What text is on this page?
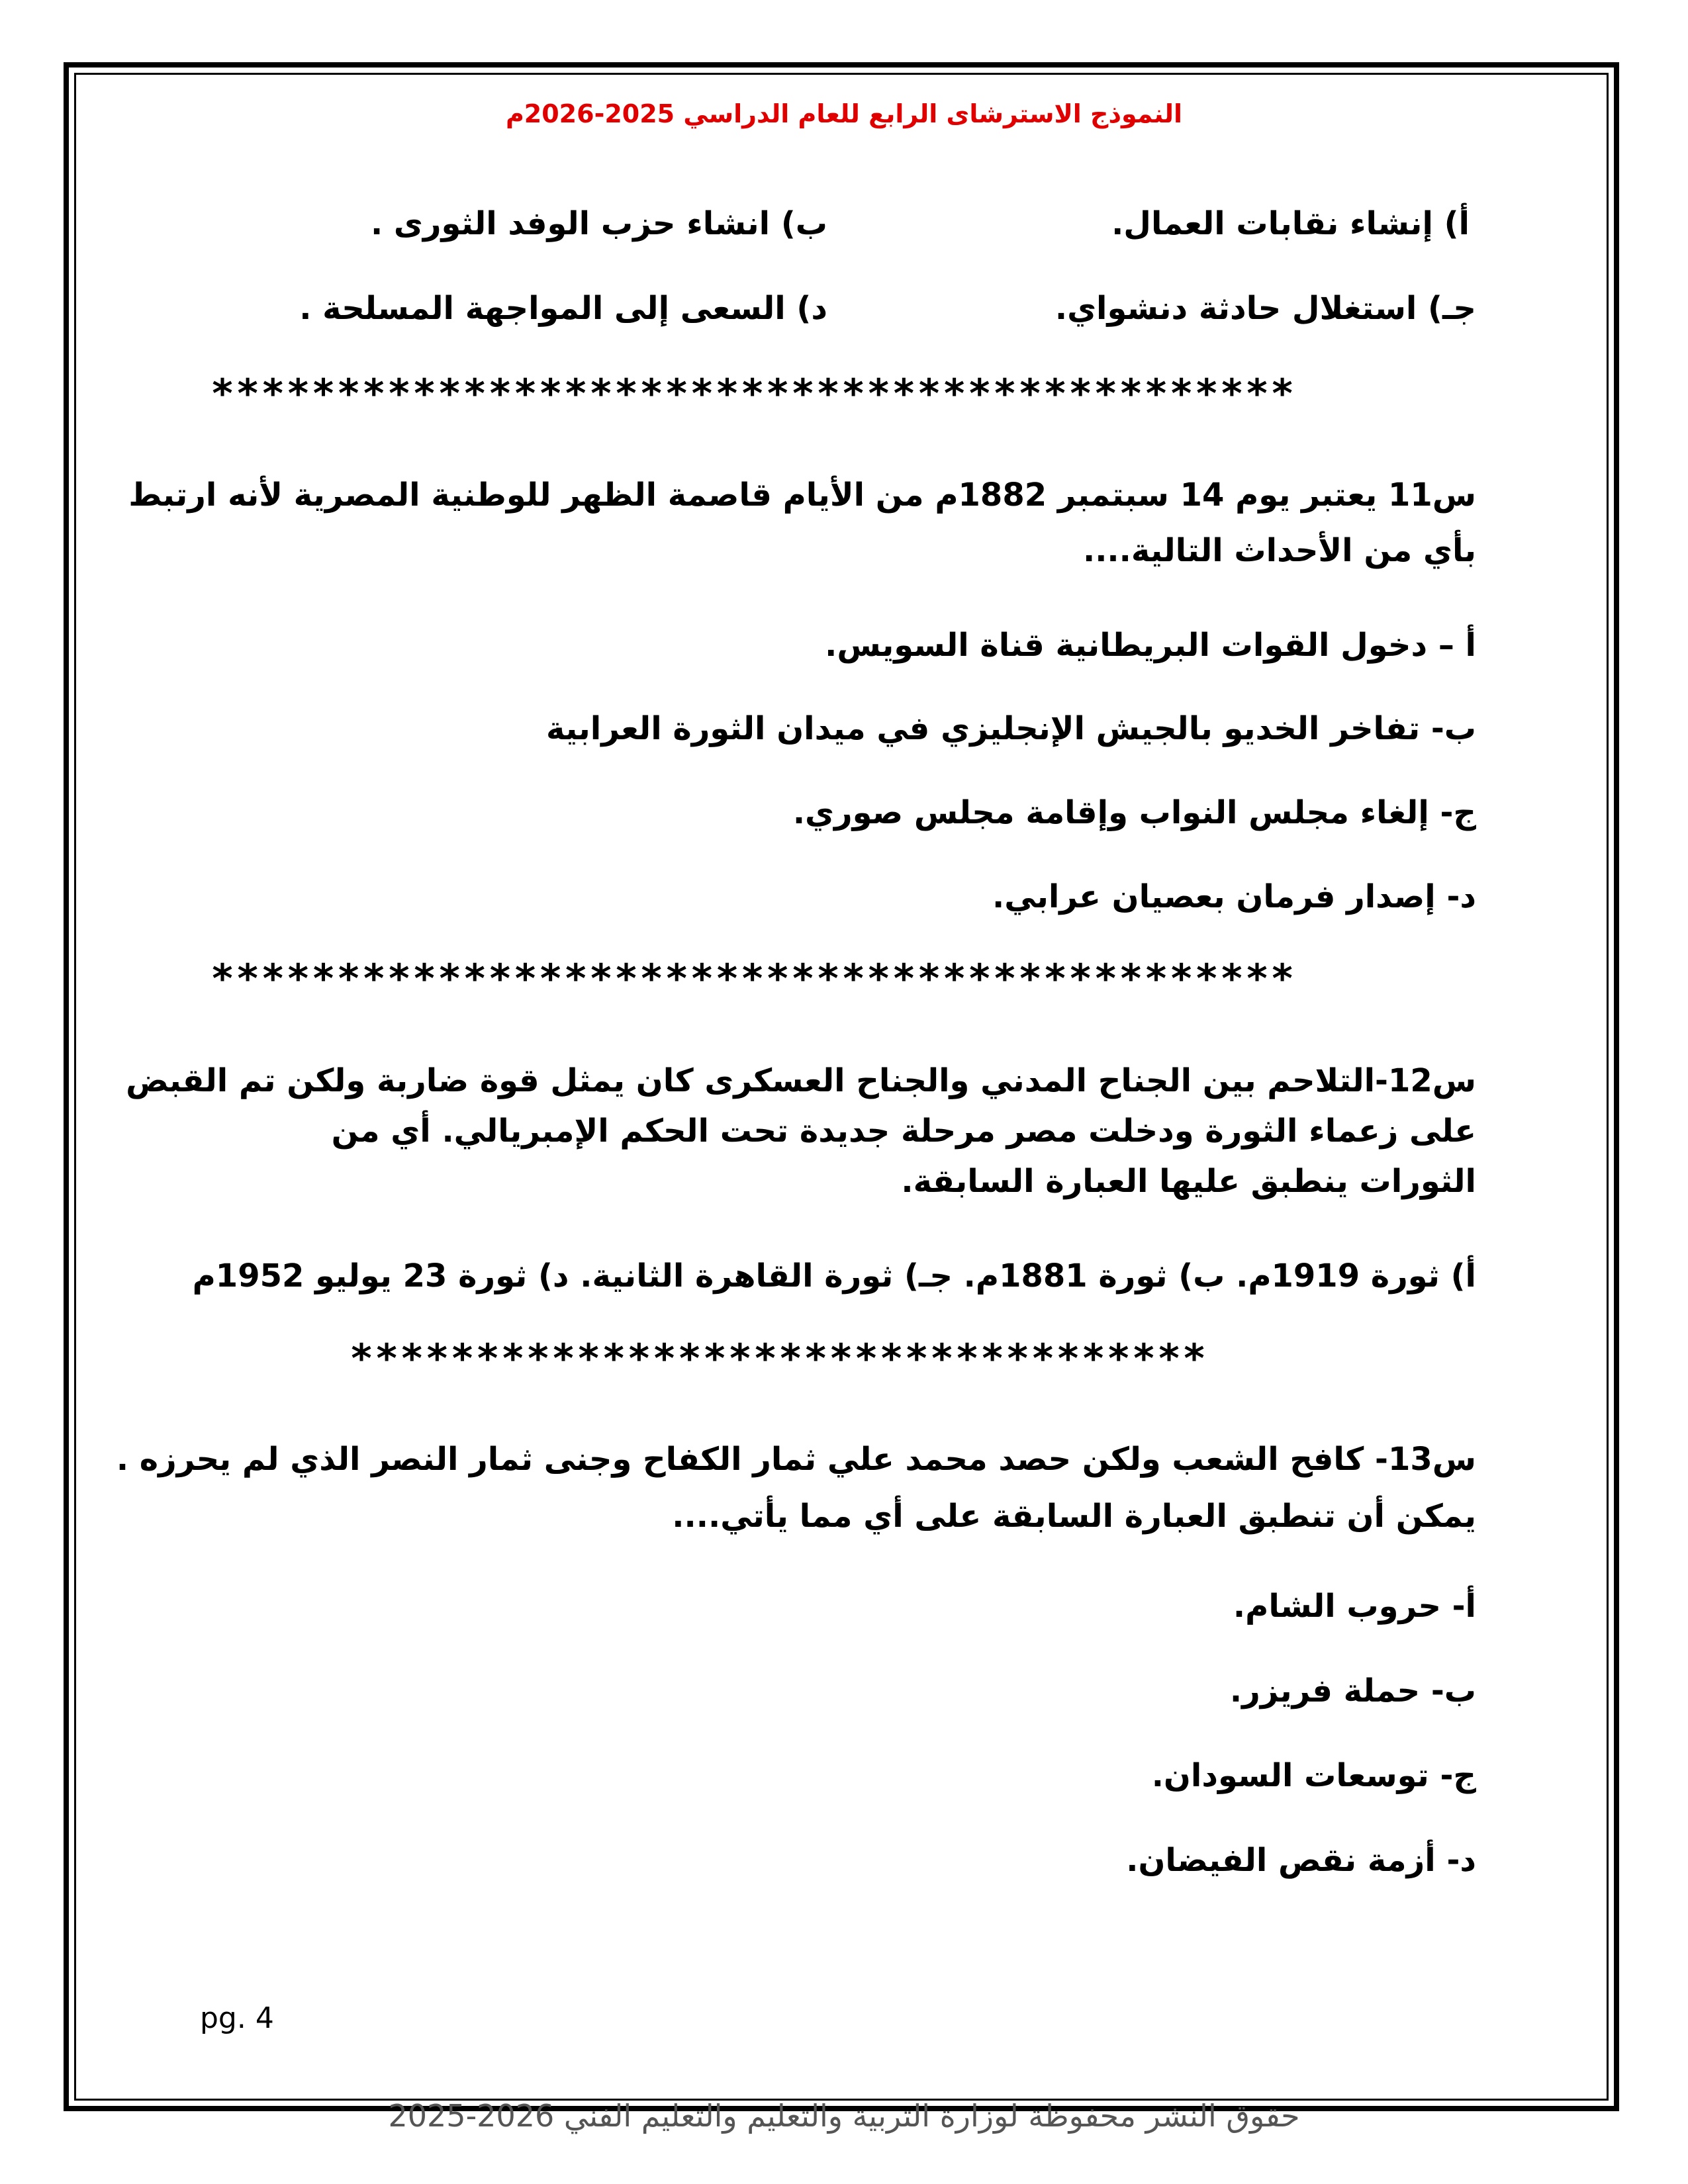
النموذج الاسترشاى الرابع للعام الدراسي 2025-2026م
أ) إنشاء نقابات العمال.
ب) انشاء حزب الوفد الثورى .
جـ) استغلال حادثة دنشواي.
د) السعى إلى المواجهة المسلحة .
*******************************************
س11 يعتبر يوم 14 سبتمبر 1882م من الأيام قاصمة الظهر للوطنية المصرية لأنه ارتبط
بأي من الأحداث التالية....
أ – دخول القوات البريطانية قناة السويس.
ب- تفاخر الخديو بالجيش الإنجليزي في ميدان الثورة العرابية
ج- إلغاء مجلس النواب وإقامة مجلس صوري.
د- إصدار فرمان بعصيان عرابي.
*******************************************
س12-التلاحم بين الجناح المدني والجناح العسكرى كان يمثل قوة ضاربة ولكن تم القبض
على زعماء الثورة ودخلت مصر مرحلة جديدة تحت الحكم الإمبريالي. أي من
الثورات ينطبق عليها العبارة السابقة.
أ) ثورة 1919م. ب) ثورة 1881م. جـ) ثورة القاهرة الثانية. د) ثورة 23 يوليو 1952م
**********************************
س13- كافح الشعب ولكن حصد محمد علي ثمار الكفاح وجنى ثمار النصر الذي لم يحرزه .
يمكن أن تنطبق العبارة السابقة على أي مما يأتي....
أ- حروب الشام.
ب- حملة فريزر.
ج- توسعات السودان.
د- أزمة نقص الفيضان.
pg. 4
حقوق النشر محفوظة لوزارة التربية والتعليم والتعليم الفني 2026-2025
